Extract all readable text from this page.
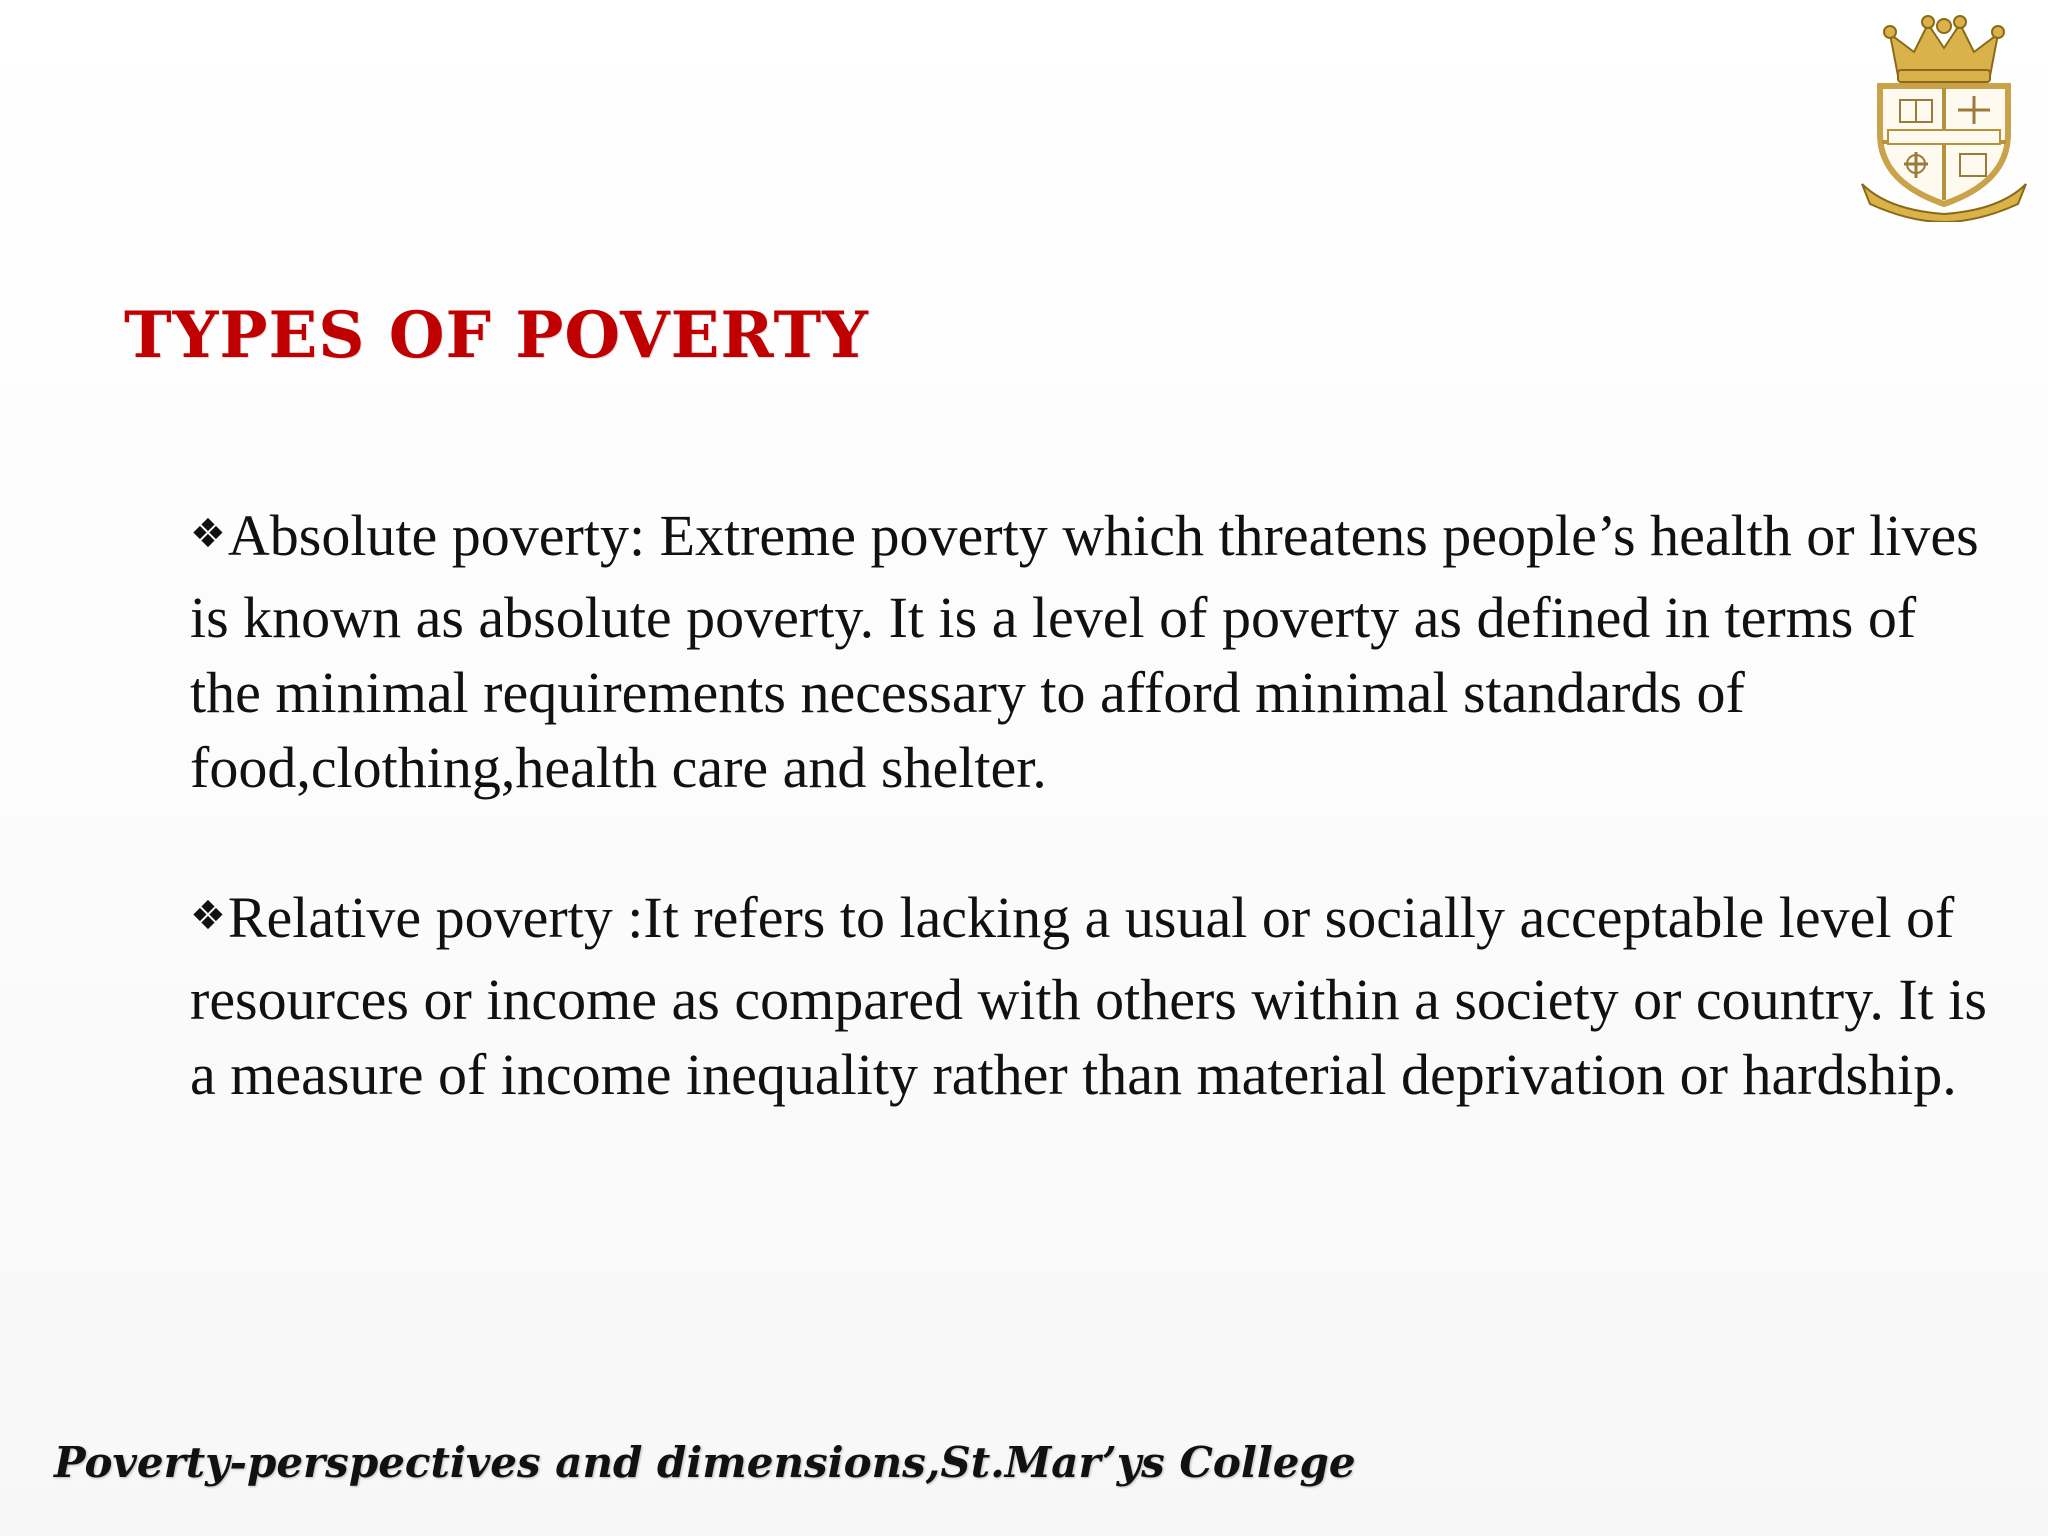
TYPES OF POVERTY

❖Absolute poverty: Extreme poverty which threatens people’s health or lives is known as absolute poverty. It is a level of poverty as defined in terms of the minimal requirements necessary to afford minimal standards of food,clothing,health care and shelter.

❖Relative poverty :It refers to lacking a usual or socially acceptable level of resources or income as compared with others within a society or country. It is a measure of income inequality rather than material deprivation or hardship.

Poverty-perspectives and dimensions,St.Mar’ys College
